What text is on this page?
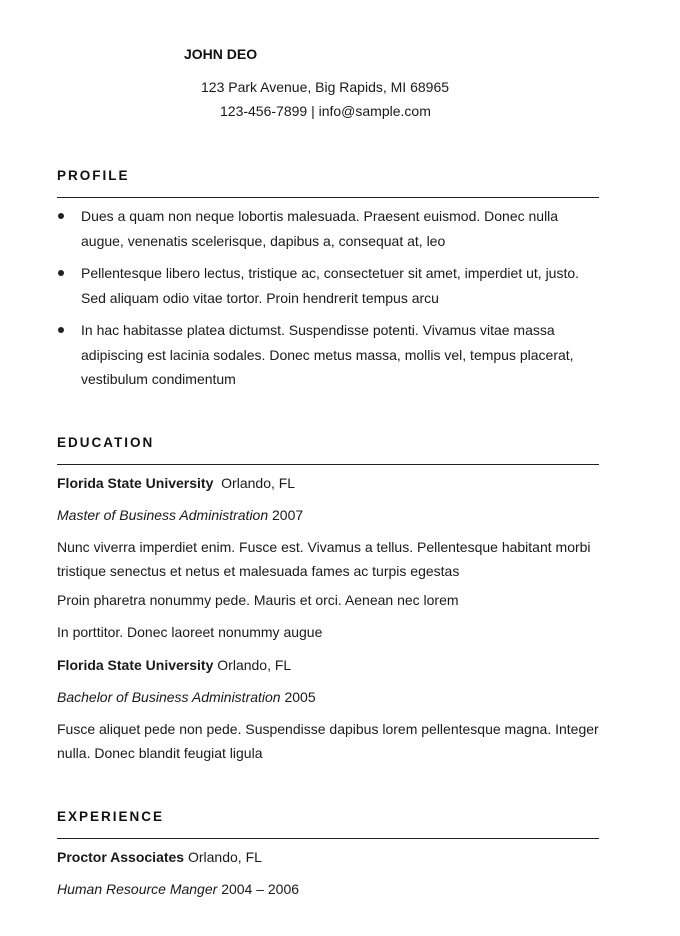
JOHN DEO
123 Park Avenue, Big Rapids, MI 68965
123-456-7899 | info@sample.com
PROFILE
Dues a quam non neque lobortis malesuada. Praesent euismod. Donec nulla augue, venenatis scelerisque, dapibus a, consequat at, leo
Pellentesque libero lectus, tristique ac, consectetuer sit amet, imperdiet ut, justo. Sed aliquam odio vitae tortor. Proin hendrerit tempus arcu
In hac habitasse platea dictumst. Suspendisse potenti. Vivamus vitae massa adipiscing est lacinia sodales. Donec metus massa, mollis vel, tempus placerat, vestibulum condimentum
EDUCATION
Florida State University Orlando, FL
Master of Business Administration 2007
Nunc viverra imperdiet enim. Fusce est. Vivamus a tellus. Pellentesque habitant morbi tristique senectus et netus et malesuada fames ac turpis egestas
Proin pharetra nonummy pede. Mauris et orci. Aenean nec lorem
In porttitor. Donec laoreet nonummy augue
Florida State University Orlando, FL
Bachelor of Business Administration 2005
Fusce aliquet pede non pede. Suspendisse dapibus lorem pellentesque magna. Integer nulla. Donec blandit feugiat ligula
EXPERIENCE
Proctor Associates Orlando, FL
Human Resource Manger 2004 – 2006
